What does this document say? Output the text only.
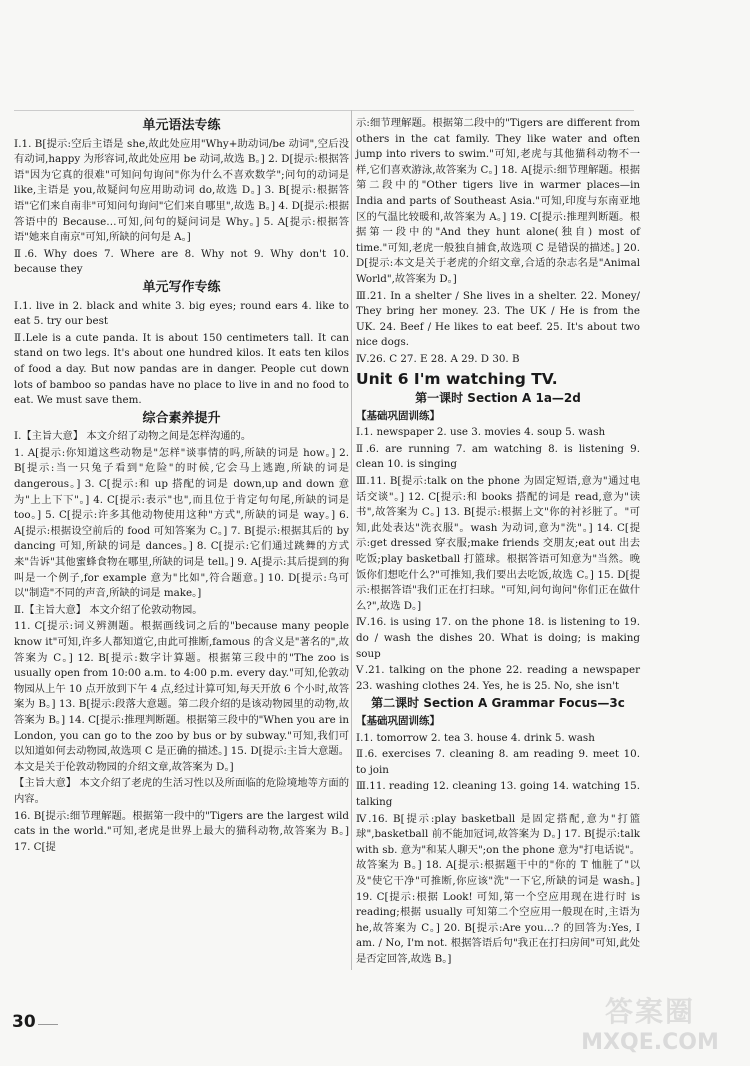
单元语法专练

Ⅰ.1. B[提示:空后主语是 she,故此处应用"Why+助动词/be 动词",空后没有动词,happy 为形容词,故此处应用 be 动词,故选 B。] 2. D[提示:根据答语"因为它真的很难"可知问句询问"你为什么不喜欢数学";问句的动词是 like,主语是 you,故疑问句应用助动词 do,故选 D。] 3. B[提示:根据答语"它们来自南非"可知问句询问"它们来自哪里",故选 B。] 4. D[提示:根据答语中的 Because…可知,问句的疑问词是 Why。] 5. A[提示:根据答语"她来自南京"可知,所缺的问句是 A。]

Ⅱ.6. Why does 7. Where are 8. Why not 9. Why don't 10. because they

单元写作专练

Ⅰ.1. live in 2. black and white 3. big eyes; round ears 4. like to eat 5. try our best

Ⅱ.Lele is a cute panda. It is about 150 centimeters tall. It can stand on two legs. It's about one hundred kilos. It eats ten kilos of food a day. But now pandas are in danger. People cut down lots of bamboo so pandas have no place to live in and no food to eat. We must save them.

综合素养提升

Ⅰ.【主旨大意】 本文介绍了动物之间是怎样沟通的。

1. A[提示:你知道这些动物是"怎样"谈事情的吗,所缺的词是 how。] 2. B[提示:当一只兔子看到"危险"的时候,它会马上逃跑,所缺的词是 dangerous。] 3. C[提示:和 up 搭配的词是 down,up and down 意为"上上下下"。] 4. C[提示:表示"也",而且位于肯定句句尾,所缺的词是 too。] 5. C[提示:许多其他动物使用这种"方式",所缺的词是 way。] 6. A[提示:根据设空前后的 food 可知答案为 C。] 7. B[提示:根据其后的 by dancing 可知,所缺的词是 dances。] 8. C[提示:它们通过跳舞的方式来"告诉"其他蜜蜂食物在哪里,所缺的词是 tell。] 9. A[提示:其后提到的狗叫是一个例子,for example 意为"比如",符合题意。] 10. D[提示:乌可以"制造"不同的声音,所缺的词是 make。]

Ⅱ.【主旨大意】 本文介绍了伦敦动物园。

11. C[提示:词义辨测题。根据画线词之后的"because many people know it"可知,许多人都知道它,由此可推断,famous 的含义是"著名的",故答案为 C。] 12. B[提示:数字计算题。根据第三段中的"The zoo is usually open from 10:00 a.m. to 4:00 p.m. every day."可知,伦敦动物园从上午 10 点开放到下午 4 点,经过计算可知,每天开放 6 个小时,故答案为 B。] 13. B[提示:段落大意题。第二段介绍的是该动物园里的动物,故答案为 B。] 14. C[提示:推理判断题。根据第三段中的"When you are in London, you can go to the zoo by bus or by subway."可知,我们可以知道如何去动物园,故选项 C 是正确的描述。] 15. D[提示:主旨大意题。本文是关于伦敦动物园的介绍文章,故答案为 D。]

【主旨大意】 本文介绍了老虎的生活习性以及所面临的危险境地等方面的内容。

16. B[提示:细节理解题。根据第一段中的"Tigers are the largest wild cats in the world."可知,老虎是世界上最大的猫科动物,故答案为 B。] 17. C[提

示:细节理解题。根据第二段中的"Tigers are different from others in the cat family. They like water and often jump into rivers to swim."可知,老虎与其他猫科动物不一样,它们喜欢游泳,故答案为 C。] 18. A[提示:细节理解题。根据第二段中的"Other tigers live in warmer places—in India and parts of Southeast Asia."可知,印度与东南亚地区的气温比较暖和,故答案为 A。] 19. C[提示:推理判断题。根据第一段中的"And they hunt alone(独自) most of time."可知,老虎一般独自捕食,故选项 C 是错误的描述。] 20. D[提示:本文是关于老虎的介绍文章,合适的杂志名是"Animal World",故答案为 D。]

Ⅲ.21. In a shelter / She lives in a shelter. 22. Money/ They bring her money. 23. The UK / He is from the UK. 24. Beef / He likes to eat beef. 25. It's about two nice dogs.

Ⅳ.26. C 27. E 28. A 29. D 30. B

Unit 6 I'm watching TV.
第一课时 Section A 1a—2d
【基础巩固训练】

Ⅰ.1. newspaper 2. use 3. movies 4. soup 5. wash

Ⅱ.6. are running 7. am watching 8. is listening 9. clean 10. is singing

Ⅲ.11. B[提示:talk on the phone 为固定短语,意为"通过电话交谈"。] 12. C[提示:和 books 搭配的词是 read,意为"读书",故答案为 C。] 13. B[提示:根据上文"你的衬衫脏了。"可知,此处表达"洗衣服"。wash 为动词,意为"洗"。] 14. C[提示:get dressed 穿衣服;make friends 交朋友;eat out 出去吃饭;play basketball 打篮球。根据答语可知意为"当然。晚饭你们想吃什么?"可推知,我们要出去吃饭,故选 C。] 15. D[提示:根据答语"我们正在打扫球。"可知,问句询问"你们正在做什么?",故选 D。]

Ⅳ.16. is using 17. on the phone 18. is listening to 19. do / wash the dishes 20. What is doing; is making soup

Ⅴ.21. talking on the phone 22. reading a newspaper 23. washing clothes 24. Yes, he is 25. No, she isn't

第二课时 Section A Grammar Focus—3c
【基础巩固训练】

Ⅰ.1. tomorrow 2. tea 3. house 4. drink 5. wash

Ⅱ.6. exercises 7. cleaning 8. am reading 9. meet 10. to join

Ⅲ.11. reading 12. cleaning 13. going 14. watching 15. talking

Ⅳ.16. B[提示:play basketball 是固定搭配,意为"打篮球",basketball 前不能加冠词,故答案为 D。] 17. B[提示:talk with sb. 意为"和某人聊天";on the phone 意为"打电话说"。故答案为 B。] 18. A[提示:根据题干中的"你的 T 恤脏了"以及"使它干净"可推断,你应该"洗"一下它,所缺的词是 wash。] 19. C[提示:根据 Look! 可知,第一个空应用现在进行时 is reading;根据 usually 可知第二个空应用一般现在时,主语为 he,故答案为 C。] 20. B[提示:Are you…? 的回答为:Yes, I am. / No, I'm not. 根据答语后句"我正在打扫房间"可知,此处是否定回答,故选 B。]

30	答案圈
MXQE.COM
